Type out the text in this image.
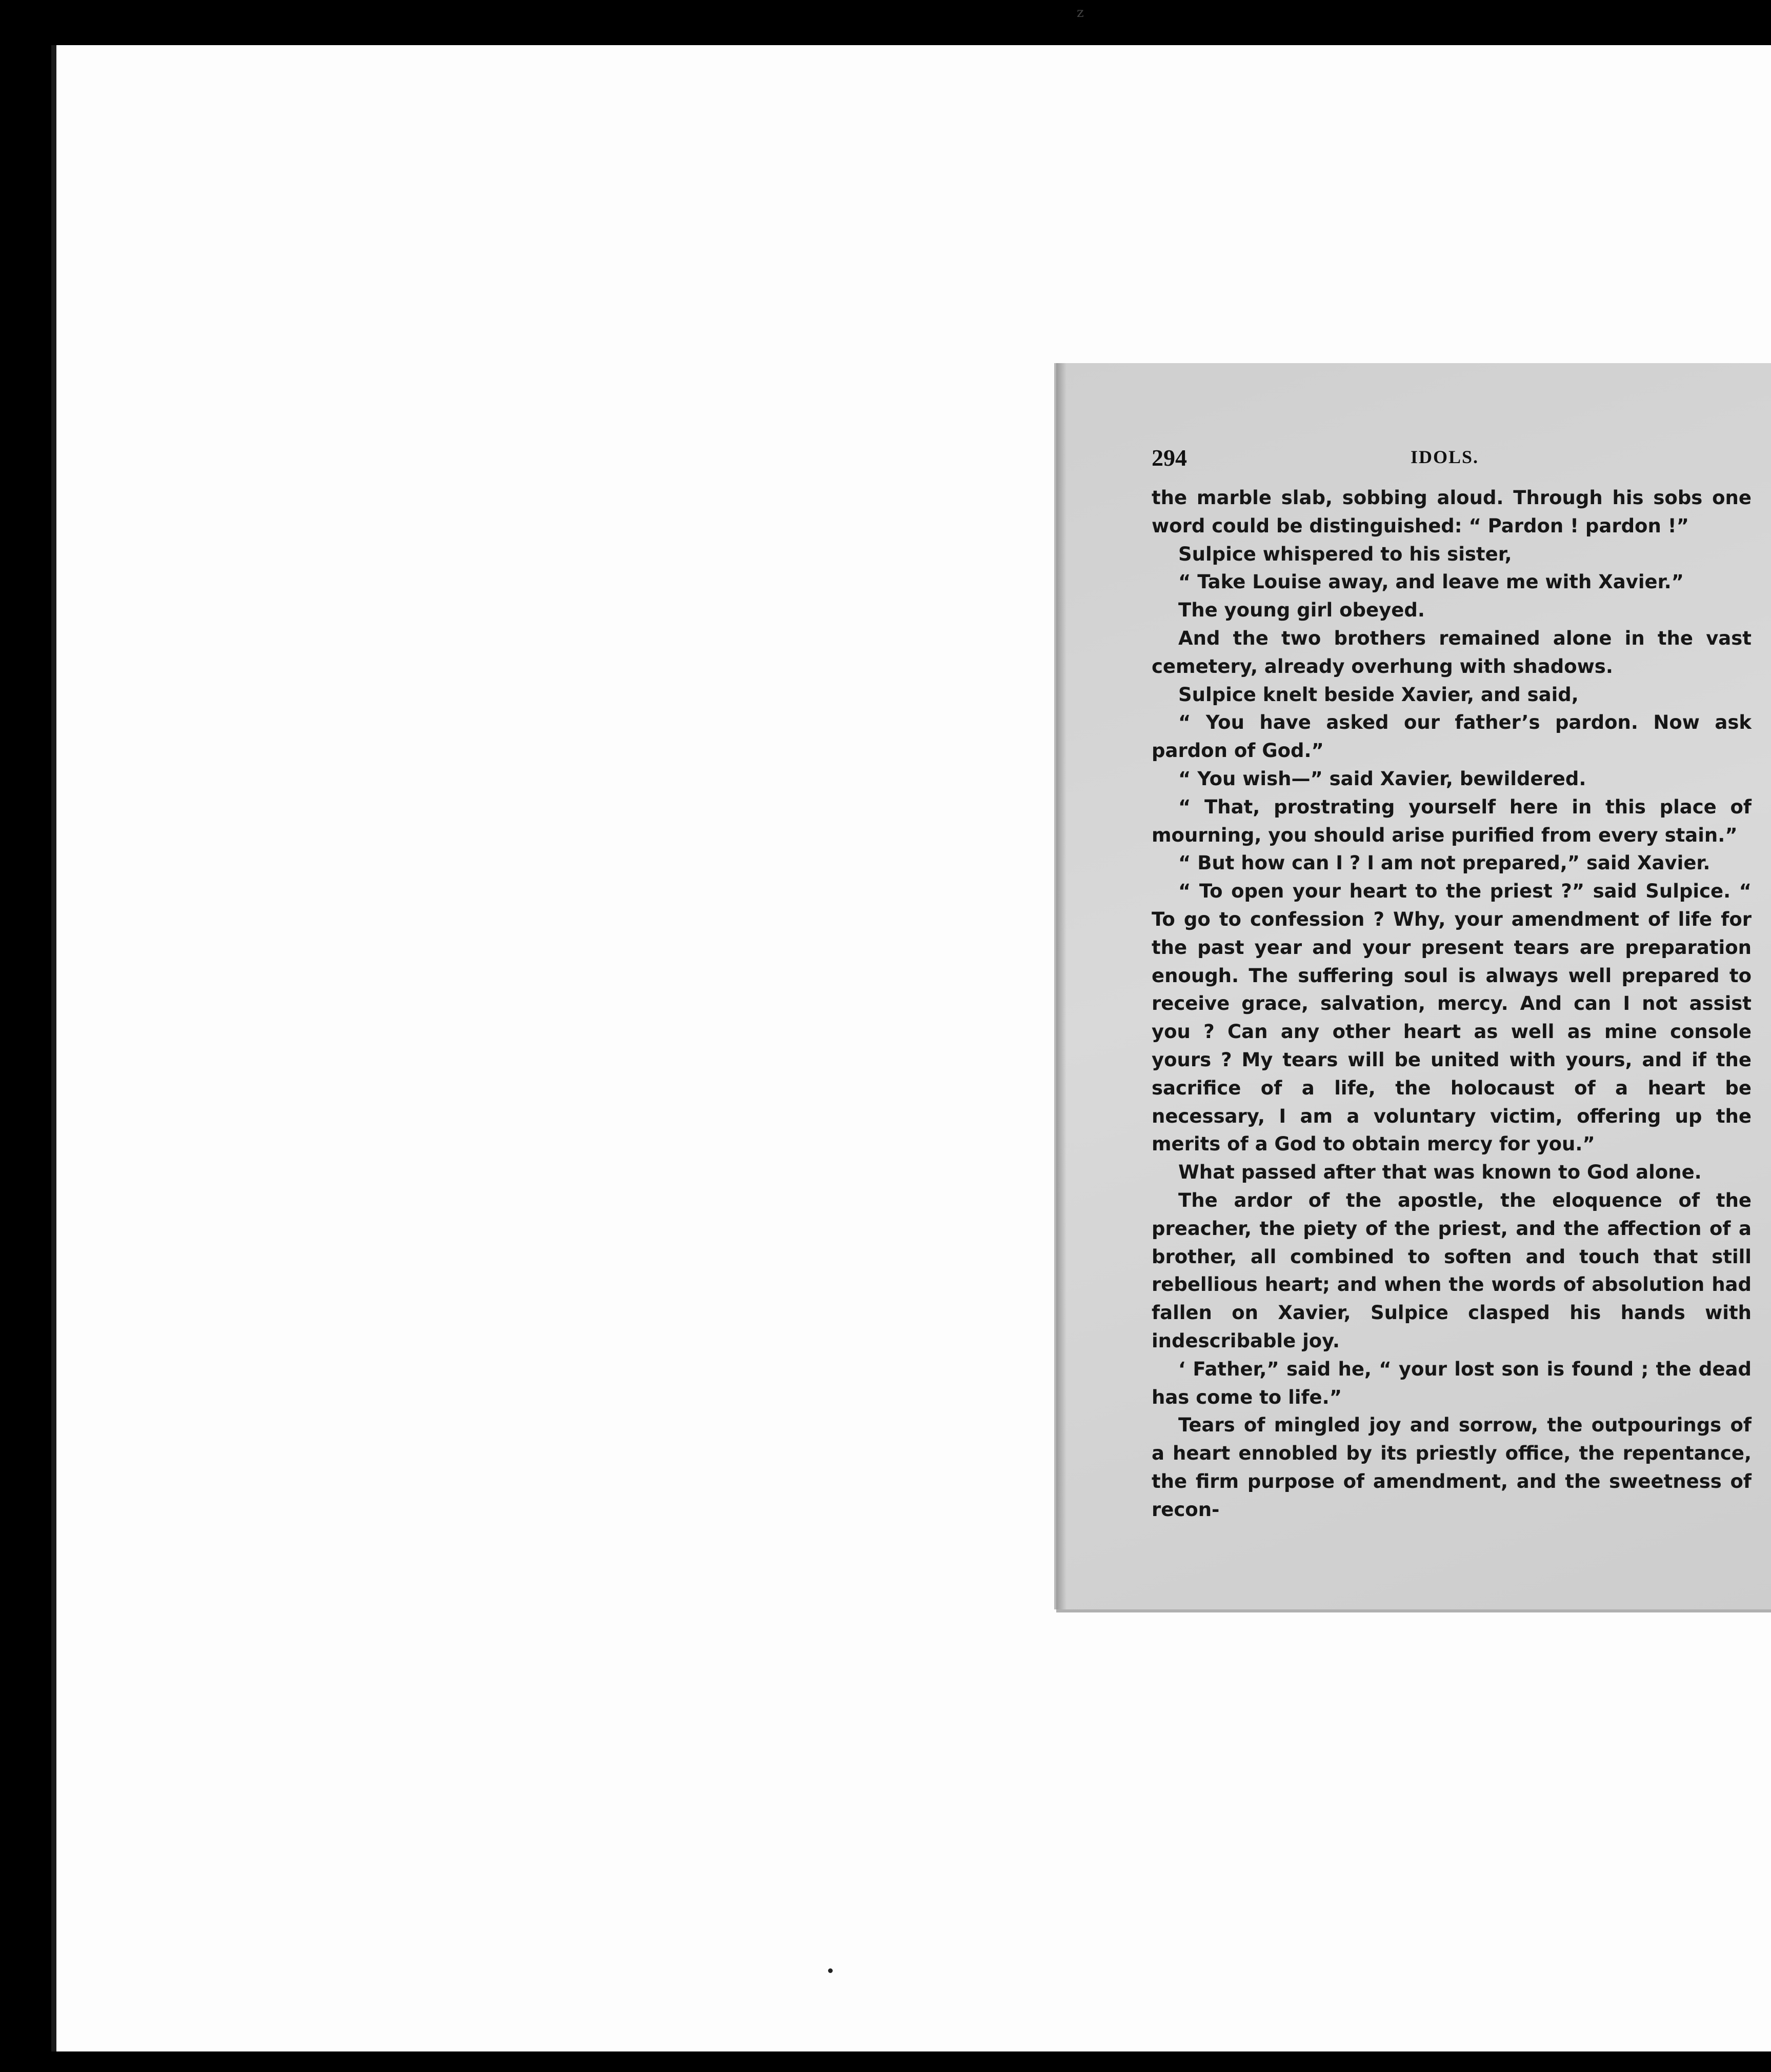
z
294	IDOLS.

the marble slab, sobbing aloud. Through his sobs one word could be distinguished: “ Pardon ! pardon !”

Sulpice whispered to his sister,

“ Take Louise away, and leave me with Xavier.”

The young girl obeyed.

And the two brothers remained alone in the vast cemetery, already overhung with shadows.

Sulpice knelt beside Xavier, and said,

“ You have asked our father’s pardon. Now ask pardon of God.”

“ You wish—” said Xavier, bewildered.

“ That, prostrating yourself here in this place of mourning, you should arise purified from every stain.”

“ But how can I ? I am not prepared,” said Xavier.

“ To open your heart to the priest ?” said Sulpice. “ To go to confession ? Why, your amendment of life for the past year and your present tears are preparation enough. The suffering soul is always well prepared to receive grace, salvation, mercy. And can I not assist you ? Can any other heart as well as mine console yours ? My tears will be united with yours, and if the sacrifice of a life, the holocaust of a heart be necessary, I am a voluntary victim, offering up the merits of a God to obtain mercy for you.”

What passed after that was known to God alone.

The ardor of the apostle, the eloquence of the preacher, the piety of the priest, and the affection of a brother, all combined to soften and touch that still rebellious heart; and when the words of absolution had fallen on Xavier, Sulpice clasped his hands with indescribable joy.

‘ Father,” said he, “ your lost son is found ; the dead has come to life.”

Tears of mingled joy and sorrow, the outpourings of a heart ennobled by its priestly office, the repentance, the firm purpose of amendment, and the sweetness of recon-
